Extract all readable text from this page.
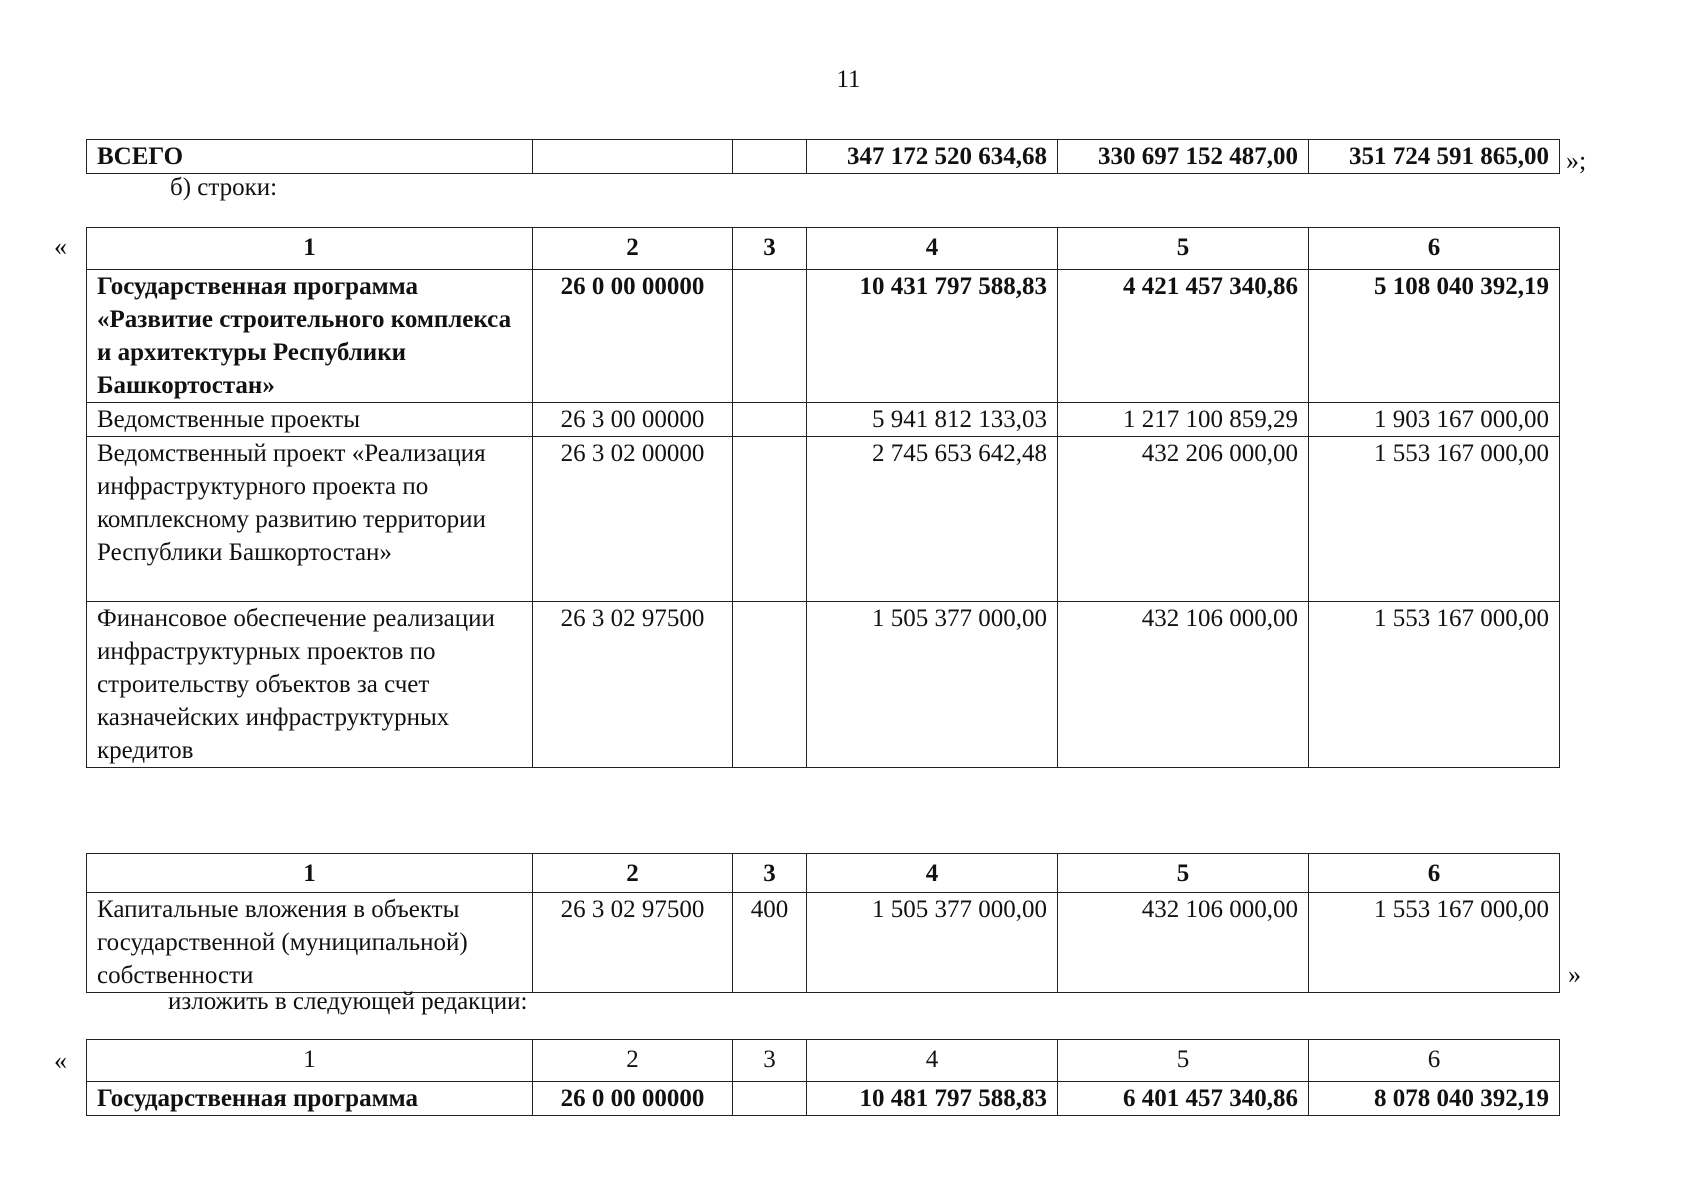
11
ВСЕГО			347 172 520 634,68	330 697 152 487,00	351 724 591 865,00 »;
б) строки:
«	1	2	3	4	5	6
Государственная программа «Развитие строительного комплекса и архитектуры Республики Башкортостан»	26 0 00 00000		10 431 797 588,83	4 421 457 340,86	5 108 040 392,19
Ведомственные проекты	26 3 00 00000		5 941 812 133,03	1 217 100 859,29	1 903 167 000,00
Ведомственный проект «Реализация инфраструктурного проекта по комплексному развитию территории Республики Башкортостан»	26 3 02 00000		2 745 653 642,48	432 206 000,00	1 553 167 000,00
Финансовое обеспечение реализации инфраструктурных проектов по строительству объектов за счет казначейских инфраструктурных кредитов	26 3 02 97500		1 505 377 000,00	432 106 000,00	1 553 167 000,00
1	2	3	4	5	6
Капитальные вложения в объекты государственной (муниципальной) собственности	26 3 02 97500	400	1 505 377 000,00	432 106 000,00	1 553 167 000,00
»
изложить в следующей редакции:
«	1	2	3	4	5	6
Государственная программа	26 0 00 00000		10 481 797 588,83	6 401 457 340,86	8 078 040 392,19
